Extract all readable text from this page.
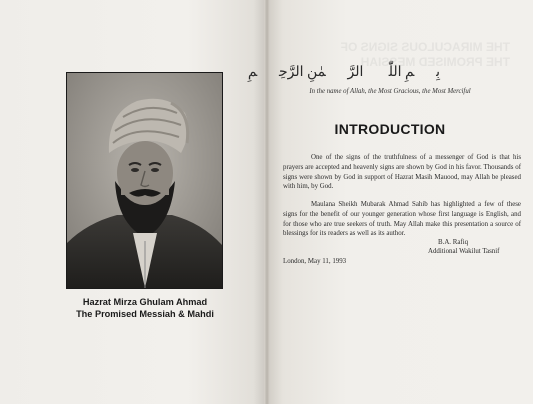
Hazrat Mirza Ghulam Ahmad
The Promised Messiah & Mahdi
بِسۡمِ اللّٰہِ الرَّحۡمٰنِ الرَّحِیۡمِ
In the name of Allah, the Most Gracious, the Most Merciful
INTRODUCTION

One of the signs of the truthfulness of a messenger of God is that his prayers are accepted and heavenly signs are shown by God in his favor. Thousands of signs were shown by God in support of Hazrat Masih Mauood, may Allah be pleased with him, by God.

Maulana Sheikh Mubarak Ahmad Sahib has highlighted a few of these signs for the benefit of our younger generation whose first language is English, and for those who are true seekers of truth. May Allah make this presentation a source of blessings for its readers as well as its author.

B.A. Rafiq
Additional Wakilut Tasnif
London, May 11, 1993
